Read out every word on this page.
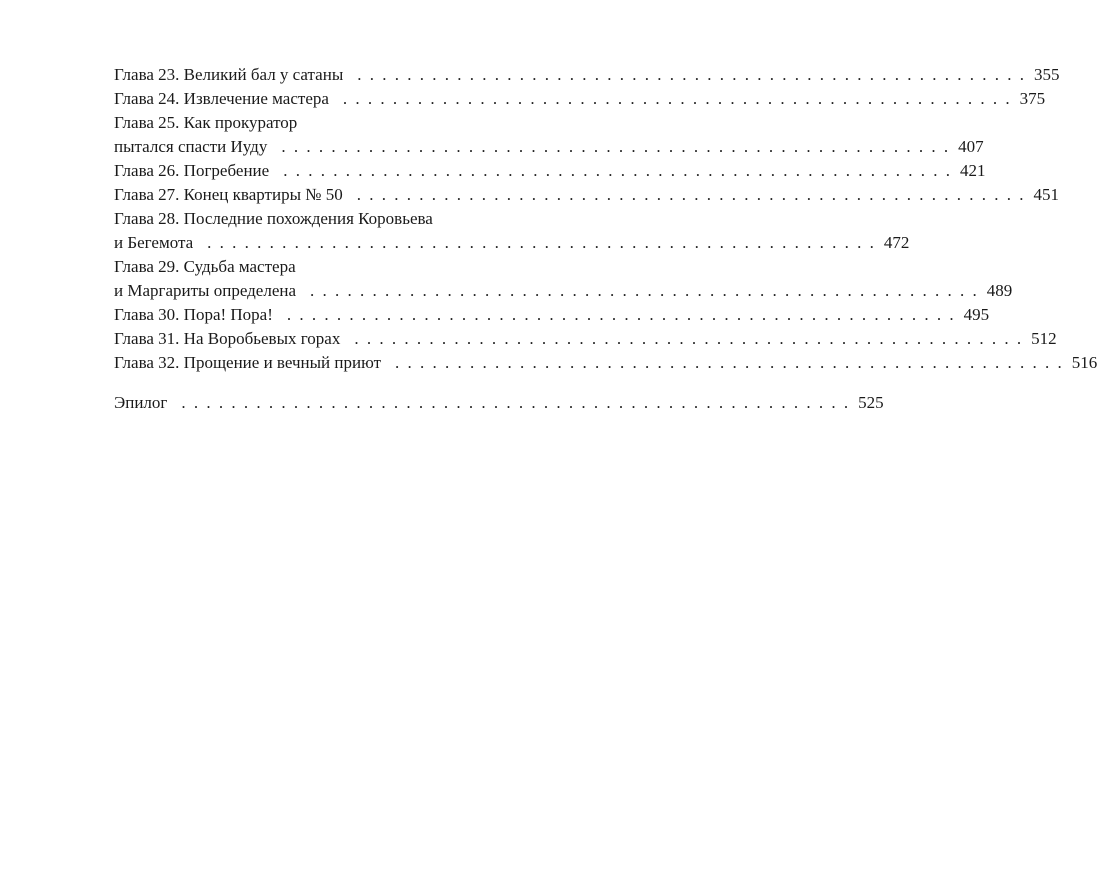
Глава 23. Великий бал у сатаны . . . . . . . . . . . . . . . . . . . . . . . . . . . . . . . . . . . . . . . . . . . . . . . . . . . . . . 355
Глава 24. Извлечение мастера . . . . . . . . . . . . . . . . . . . . . . . . . . . . . . . . . . . . . . . . . . . . . . . . . . . . . . 375
Глава 25. Как прокуратор
пытался спасти Иуду . . . . . . . . . . . . . . . . . . . . . . . . . . . . . . . . . . . . . . . . . . . . . . . . . . . . . . 407
Глава 26. Погребение . . . . . . . . . . . . . . . . . . . . . . . . . . . . . . . . . . . . . . . . . . . . . . . . . . . . . . 421
Глава 27. Конец квартиры № 50 . . . . . . . . . . . . . . . . . . . . . . . . . . . . . . . . . . . . . . . . . . . . . . . . . . . . . . 451
Глава 28. Последние похождения Коровьева
и Бегемота . . . . . . . . . . . . . . . . . . . . . . . . . . . . . . . . . . . . . . . . . . . . . . . . . . . . . . 472
Глава 29. Судьба мастера
и Маргариты определена . . . . . . . . . . . . . . . . . . . . . . . . . . . . . . . . . . . . . . . . . . . . . . . . . . . . . . 489
Глава 30. Пора! Пора! . . . . . . . . . . . . . . . . . . . . . . . . . . . . . . . . . . . . . . . . . . . . . . . . . . . . . . 495
Глава 31. На Воробьевых горах . . . . . . . . . . . . . . . . . . . . . . . . . . . . . . . . . . . . . . . . . . . . . . . . . . . . . . 512
Глава 32. Прощение и вечный приют . . . . . . . . . . . . . . . . . . . . . . . . . . . . . . . . . . . . . . . . . . . . . . . . . . . . . . 516
Эпилог . . . . . . . . . . . . . . . . . . . . . . . . . . . . . . . . . . . . . . . . . . . . . . . . . . . . . . 525
